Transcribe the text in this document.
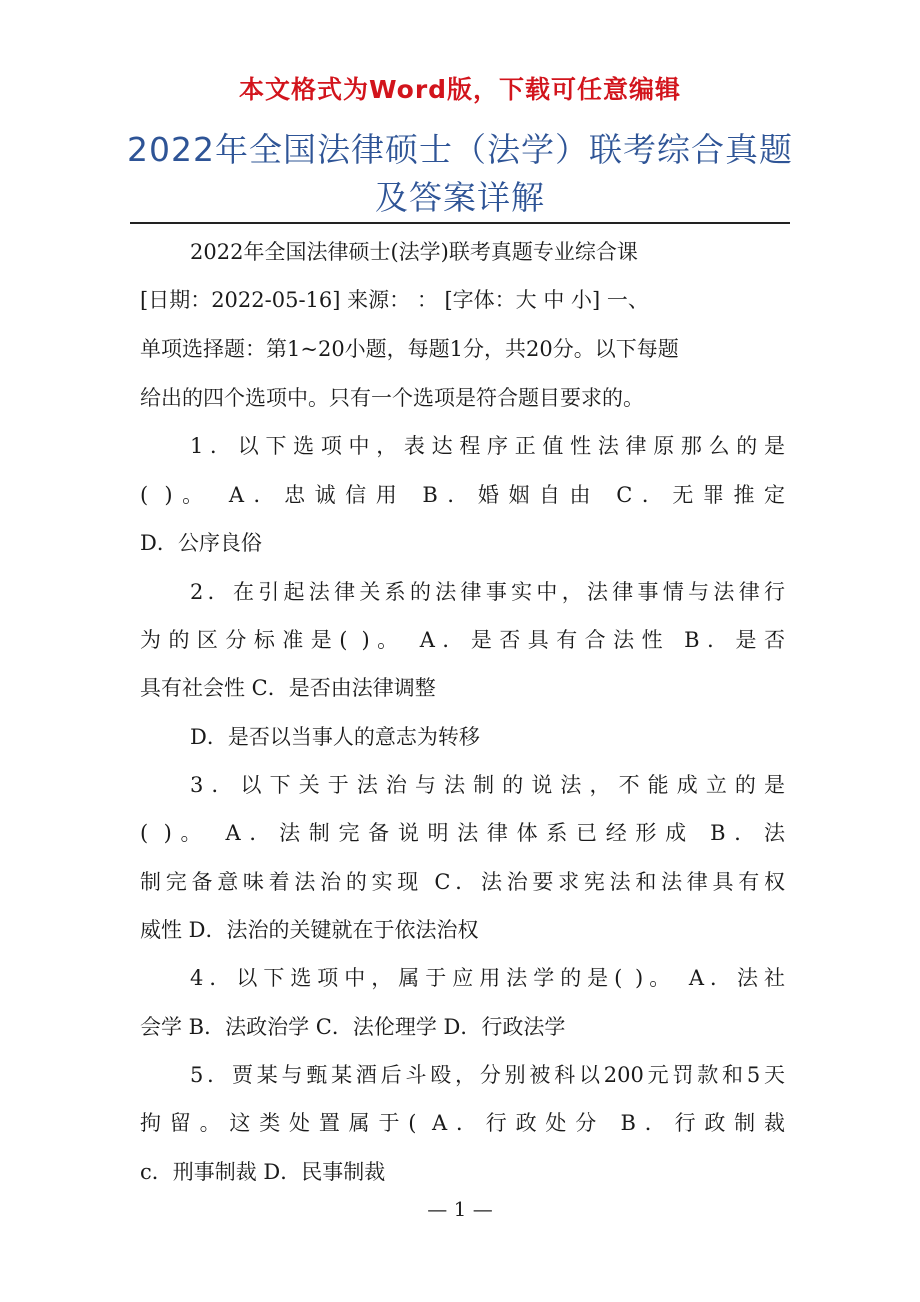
本文格式为Word版，下载可任意编辑
2022年全国法律硕士（法学）联考综合真题
及答案详解
2022年全国法律硕士(法学)联考真题专业综合课
[日期：2022-05-16] 来源： ： [字体：大 中 小] 一、
单项选择题：第1~20小题，每题1分，共20分。以下每题
给出的四个选项中。只有一个选项是符合题目要求的。
1．以下选项中，表达程序正值性法律原那么的是
( )。 A．忠诚信用 B．婚姻自由 C．无罪推定
D．公序良俗
2．在引起法律关系的法律事实中，法律事情与法律行
为的区分标准是( )。 A．是否具有合法性 B．是否
具有社会性 C．是否由法律调整
D．是否以当事人的意志为转移
3．以下关于法治与法制的说法，不能成立的是
( )。 A．法制完备说明法律体系已经形成 B．法
制完备意味着法治的实现 C．法治要求宪法和法律具有权
威性 D．法治的关键就在于依法治权
4．以下选项中，属于应用法学的是( )。 A．法社
会学 B．法政治学 C．法伦理学 D．行政法学
5．贾某与甄某酒后斗殴，分别被科以200元罚款和5天
拘留。这类处置属于( A．行政处分 B．行政制裁
c．刑事制裁 D．民事制裁
— 1 —
